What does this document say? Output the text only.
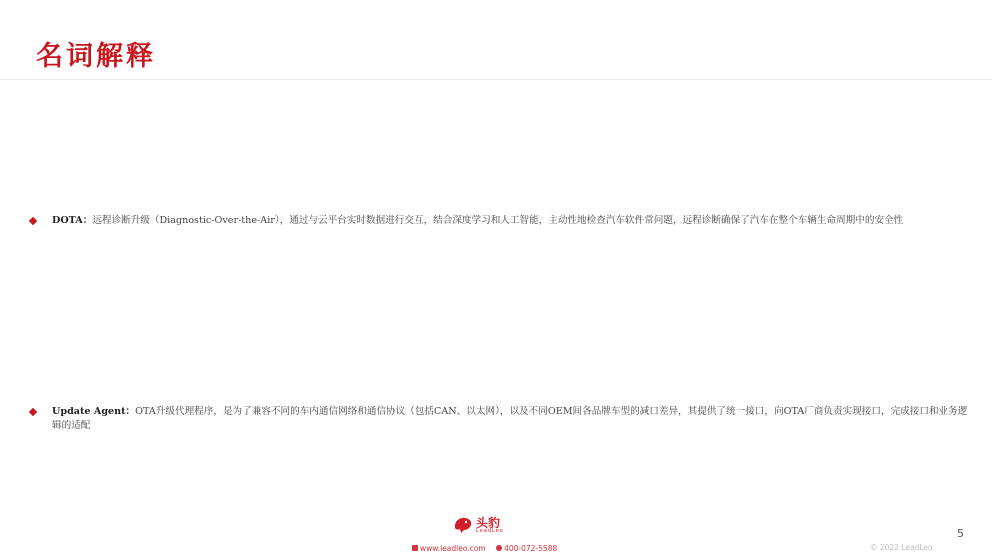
名词解释
DOTA：远程诊断升级（Diagnostic-Over-the-Air），通过与云平台实时数据进行交互，结合深度学习和人工智能，主动性地检查汽车软件常问题，远程诊断确保了汽车在整个车辆生命周期中的安全性
Update Agent：OTA升级代理程序，是为了兼容不同的车内通信网络和通信协议（包括CAN、以太网），以及不同OEM间各品牌车型的减口差异，其提供了统一接口，向OTA厂商负责实现接口，完成接口和业务逻辑的适配
头豹
LeadLeo
www.leadleo.com 400-072-5588	© 2022 LeadLeo
5
